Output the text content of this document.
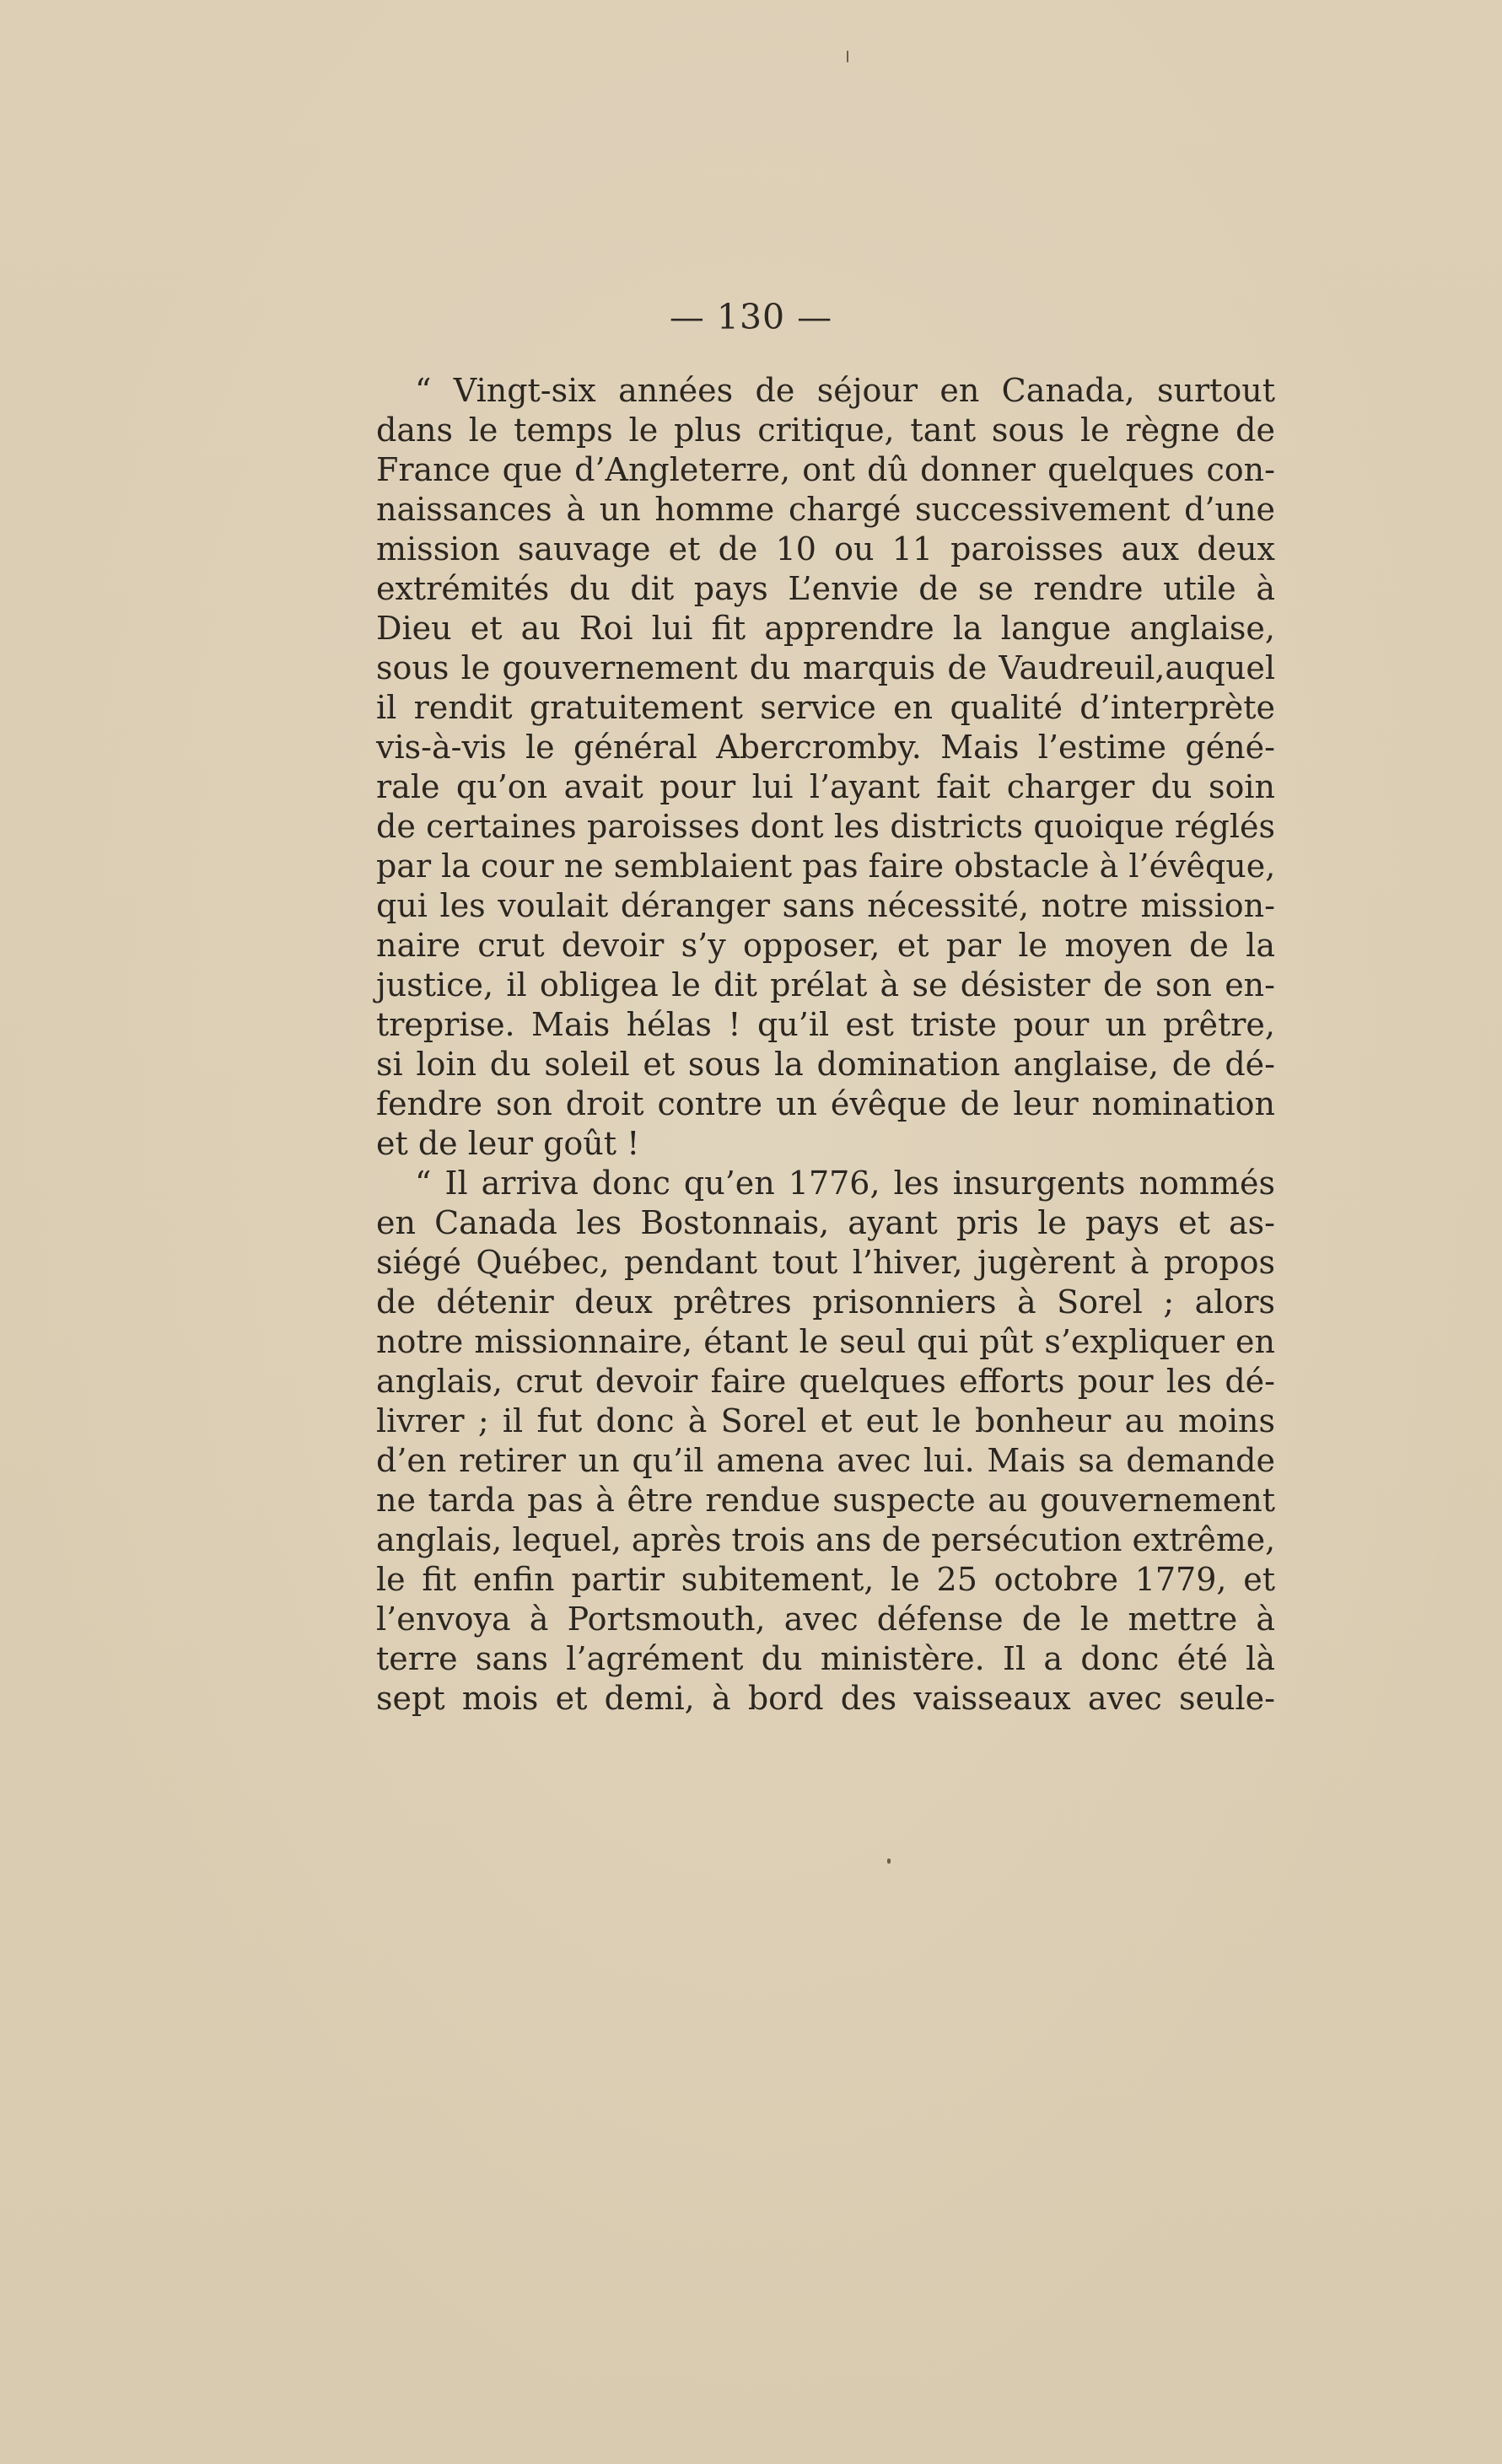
— 130 —
“ Vingt-six années de séjour en Canada, surtout
dans le temps le plus critique, tant sous le règne de
France que d’Angleterre, ont dû donner quelques con-
naissances à un homme chargé successivement d’une
mission sauvage et de 10 ou 11 paroisses aux deux
extrémités du dit pays L’envie de se rendre utile à
Dieu et au Roi lui fit apprendre la langue anglaise,
sous le gouvernement du marquis de Vaudreuil,auquel
il rendit gratuitement service en qualité d’interprète
vis-à-vis le général Abercromby. Mais l’estime géné-
rale qu’on avait pour lui l’ayant fait charger du soin
de certaines paroisses dont les districts quoique réglés
par la cour ne semblaient pas faire obstacle à l’évêque,
qui les voulait déranger sans nécessité, notre mission-
naire crut devoir s’y opposer, et par le moyen de la
justice, il obligea le dit prélat à se désister de son en-
treprise. Mais hélas ! qu’il est triste pour un prêtre,
si loin du soleil et sous la domination anglaise, de dé-
fendre son droit contre un évêque de leur nomination
et de leur goût !
“ Il arriva donc qu’en 1776, les insurgents nommés
en Canada les Bostonnais, ayant pris le pays et as-
siégé Québec, pendant tout l’hiver, jugèrent à propos
de détenir deux prêtres prisonniers à Sorel ; alors
notre missionnaire, étant le seul qui pût s’expliquer en
anglais, crut devoir faire quelques efforts pour les dé-
livrer ; il fut donc à Sorel et eut le bonheur au moins
d’en retirer un qu’il amena avec lui. Mais sa demande
ne tarda pas à être rendue suspecte au gouvernement
anglais, lequel, après trois ans de persécution extrême,
le fit enfin partir subitement, le 25 octobre 1779, et
l’envoya à Portsmouth, avec défense de le mettre à
terre sans l’agrément du ministère. Il a donc été là
sept mois et demi, à bord des vaisseaux avec seule-
